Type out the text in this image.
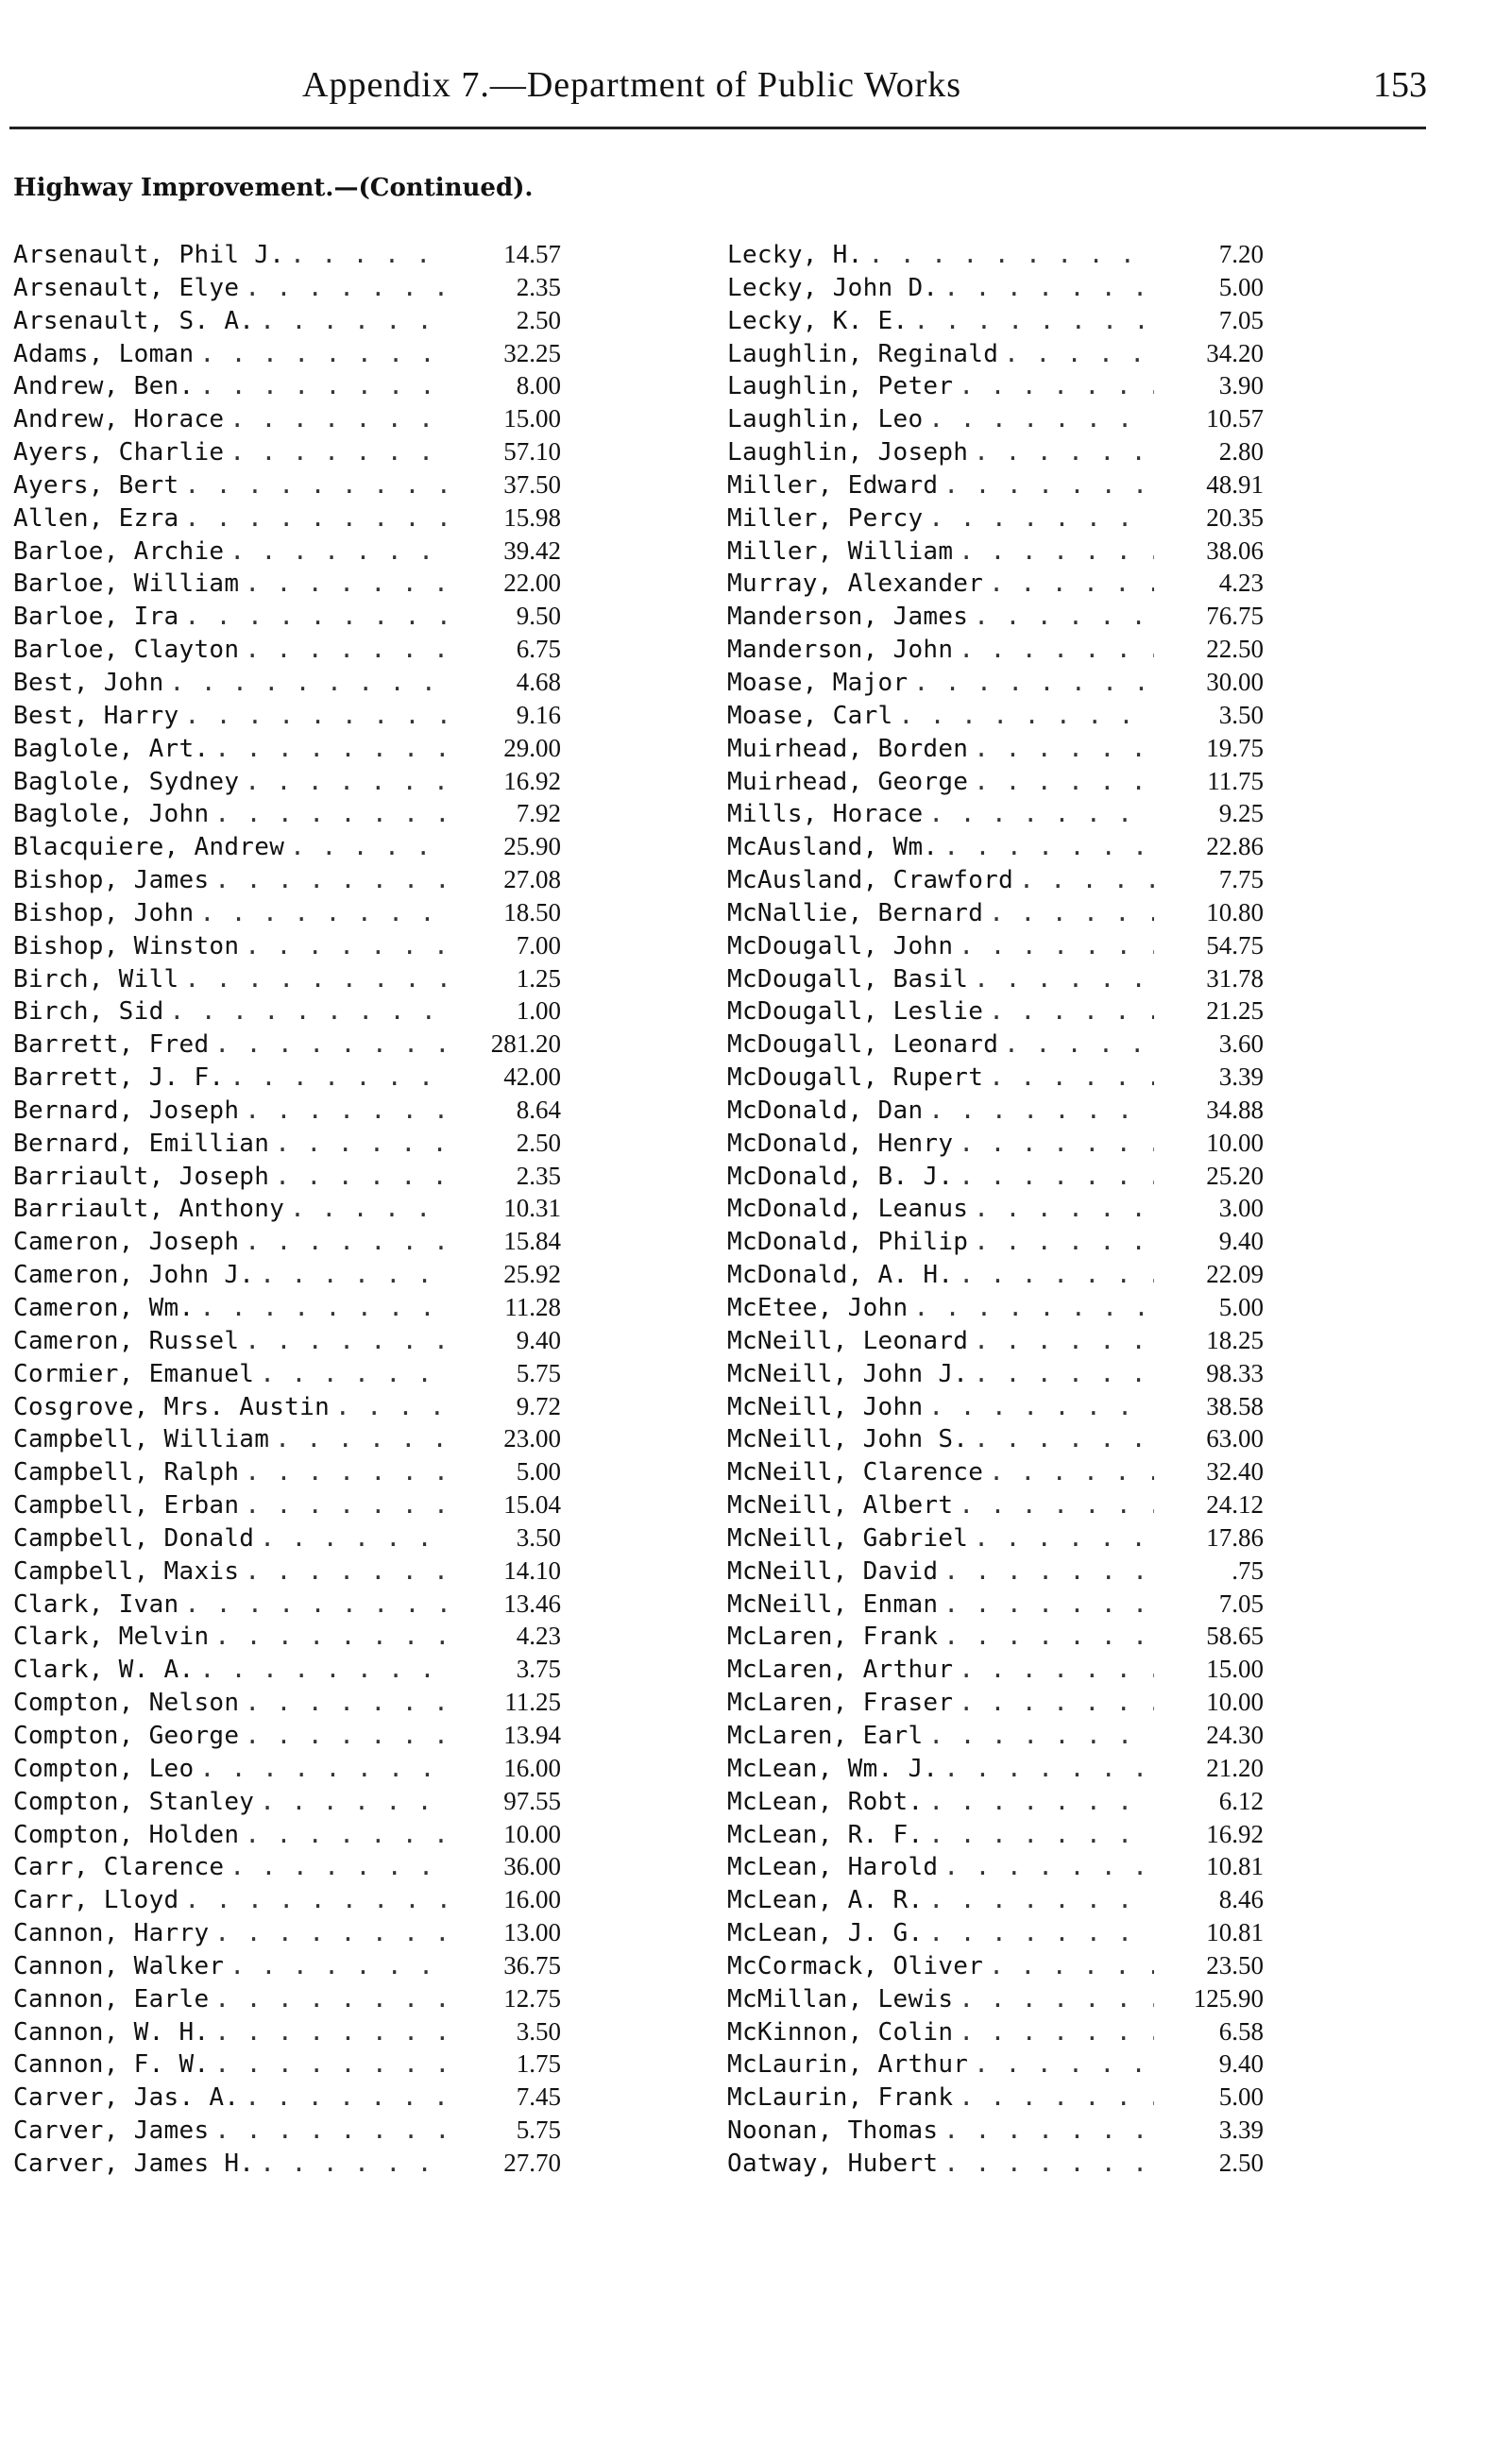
Appendix 7.—Department of Public Works	153
Highway Improvement.—(Continued).
Arsenault, Phil J. . . .	14.57
Arsenault, Elye . . .	2.35
Arsenault, S. A. . . .	2.50
Adams, Loman . . .	32.25
Andrew, Ben. . . .	8.00
Andrew, Horace . . .	15.00
Ayers, Charlie . . .	57.10
Ayers, Bert . . .	37.50
Allen, Ezra . . .	15.98
Barloe, Archie . . .	39.42
Barloe, William . . .	22.00
Barloe, Ira . . .	9.50
Barloe, Clayton . . .	6.75
Best, John . . .	4.68
Best, Harry . . .	9.16
Baglole, Art. . . .	29.00
Baglole, Sydney . . .	16.92
Baglole, John . . .	7.92
Blacquiere, Andrew . . .	25.90
Bishop, James . . .	27.08
Bishop, John . . .	18.50
Bishop, Winston . . .	7.00
Birch, Will . . .	1.25
Birch, Sid . . .	1.00
Barrett, Fred . . .	281.20
Barrett, J. F. . . .	42.00
Bernard, Joseph . . .	8.64
Bernard, Emillian . . .	2.50
Barriault, Joseph . . .	2.35
Barriault, Anthony . . .	10.31
Cameron, Joseph . . .	15.84
Cameron, John J. . . .	25.92
Cameron, Wm. . . .	11.28
Cameron, Russel . . .	9.40
Cormier, Emanuel . . .	5.75
Cosgrove, Mrs. Austin . . .	9.72
Campbell, William . . .	23.00
Campbell, Ralph . . .	5.00
Campbell, Erban . . .	15.04
Campbell, Donald . . .	3.50
Campbell, Maxis . . .	14.10
Clark, Ivan . . .	13.46
Clark, Melvin . . .	4.23
Clark, W. A. . . .	3.75
Compton, Nelson . . .	11.25
Compton, George . . .	13.94
Compton, Leo . . .	16.00
Compton, Stanley . . .	97.55
Compton, Holden . . .	10.00
Carr, Clarence . . .	36.00
Carr, Lloyd . . .	16.00
Cannon, Harry . . .	13.00
Cannon, Walker . . .	36.75
Cannon, Earle . . .	12.75
Cannon, W. H. . . .	3.50
Cannon, F. W. . . .	1.75
Carver, Jas. A. . . .	7.45
Carver, James . . .	5.75
Carver, James H. . . .	27.70
Lecky, H. . . .	7.20
Lecky, John D. . . .	5.00
Lecky, K. E. . . .	7.05
Laughlin, Reginald . . .	34.20
Laughlin, Peter . . .	3.90
Laughlin, Leo . . .	10.57
Laughlin, Joseph . . .	2.80
Miller, Edward . . .	48.91
Miller, Percy . . .	20.35
Miller, William . . .	38.06
Murray, Alexander . . .	4.23
Manderson, James . . .	76.75
Manderson, John . . .	22.50
Moase, Major . . .	30.00
Moase, Carl . . .	3.50
Muirhead, Borden . . .	19.75
Muirhead, George . . .	11.75
Mills, Horace . . .	9.25
McAusland, Wm. . . .	22.86
McAusland, Crawford . . .	7.75
McNallie, Bernard . . .	10.80
McDougall, John . . .	54.75
McDougall, Basil . . .	31.78
McDougall, Leslie . . .	21.25
McDougall, Leonard . . .	3.60
McDougall, Rupert . . .	3.39
McDonald, Dan . . .	34.88
McDonald, Henry . . .	10.00
McDonald, B. J. . . .	25.20
McDonald, Leanus . . .	3.00
McDonald, Philip . . .	9.40
McDonald, A. H. . . .	22.09
McEtee, John . . .	5.00
McNeill, Leonard . . .	18.25
McNeill, John J. . . .	98.33
McNeill, John . . .	38.58
McNeill, John S. . . .	63.00
McNeill, Clarence . . .	32.40
McNeill, Albert . . .	24.12
McNeill, Gabriel . . .	17.86
McNeill, David . . .	.75
McNeill, Enman . . .	7.05
McLaren, Frank . . .	58.65
McLaren, Arthur . . .	15.00
McLaren, Fraser . . .	10.00
McLaren, Earl . . .	24.30
McLean, Wm. J. . . .	21.20
McLean, Robt. . . .	6.12
McLean, R. F. . . .	16.92
McLean, Harold . . .	10.81
McLean, A. R. . . .	8.46
McLean, J. G. . . .	10.81
McCormack, Oliver . . .	23.50
McMillan, Lewis . . .	125.90
McKinnon, Colin . . .	6.58
McLaurin, Arthur . . .	9.40
McLaurin, Frank . . .	5.00
Noonan, Thomas . . .	3.39
Oatway, Hubert . . .	2.50
